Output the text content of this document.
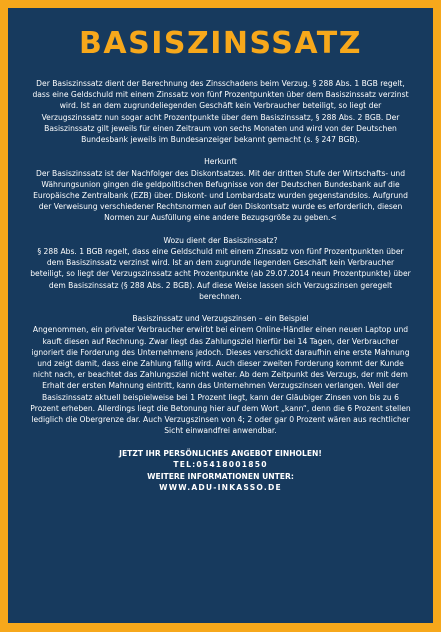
BASISZINSSATZ

Der Basiszinssatz dient der Berechnung des Zinsschadens beim Verzug. § 288 Abs. 1 BGB regelt, dass eine Geldschuld mit einem Zinssatz von fünf Prozentpunkten über dem Basiszinssatz verzinst wird. Ist an dem zugrundeliegenden Geschäft kein Verbraucher beteiligt, so liegt der Verzugszinssatz nun sogar acht Prozentpunkte über dem Basiszinssatz, § 288 Abs. 2 BGB. Der Basiszinssatz gilt jeweils für einen Zeitraum von sechs Monaten und wird von der Deutschen Bundesbank jeweils im Bundesanzeiger bekannt gemacht (s. § 247 BGB).

Herkunft
Der Basiszinssatz ist der Nachfolger des Diskontsatzes. Mit der dritten Stufe der Wirtschafts- und Währungsunion gingen die geldpolitischen Befugnisse von der Deutschen Bundesbank auf die Europäische Zentralbank (EZB) über. Diskont- und Lombardsatz wurden gegenstandslos. Aufgrund der Verweisung verschiedener Rechtsnormen auf den Diskontsatz wurde es erforderlich, diesen Normen zur Ausfüllung eine andere Bezugsgröße zu geben.<

Wozu dient der Basiszinssatz?
§ 288 Abs. 1 BGB regelt, dass eine Geldschuld mit einem Zinssatz von fünf Prozentpunkten über dem Basiszinssatz verzinst wird. Ist an dem zugrunde liegenden Geschäft kein Verbraucher beteiligt, so liegt der Verzugszinssatz acht Prozentpunkte (ab 29.07.2014 neun Prozentpunkte) über dem Basiszinssatz (§ 288 Abs. 2 BGB). Auf diese Weise lassen sich Verzugszinsen geregelt berechnen.

Basiszinssatz und Verzugszinsen – ein Beispiel
Angenommen, ein privater Verbraucher erwirbt bei einem Online-Händler einen neuen Laptop und kauft diesen auf Rechnung. Zwar liegt das Zahlungsziel hierfür bei 14 Tagen, der Verbraucher ignoriert die Forderung des Unternehmens jedoch. Dieses verschickt daraufhin eine erste Mahnung und zeigt damit, dass eine Zahlung fällig wird. Auch dieser zweiten Forderung kommt der Kunde nicht nach, er beachtet das Zahlungsziel nicht weiter. Ab dem Zeitpunkt des Verzugs, der mit dem Erhalt der ersten Mahnung eintritt, kann das Unternehmen Verzugszinsen verlangen. Weil der Basiszinssatz aktuell beispielweise bei 1 Prozent liegt, kann der Gläubiger Zinsen von bis zu 6 Prozent erheben. Allerdings liegt die Betonung hier auf dem Wort „kann“, denn die 6 Prozent stellen lediglich die Obergrenze dar. Auch Verzugszinsen von 4; 2 oder gar 0 Prozent wären aus rechtlicher Sicht einwandfrei anwendbar.

JETZT IHR PERSÖNLICHES ANGEBOT EINHOLEN!
TEL:05418001850
WEITERE INFORMATIONEN UNTER:
WWW.ADU-INKASSO.DE
